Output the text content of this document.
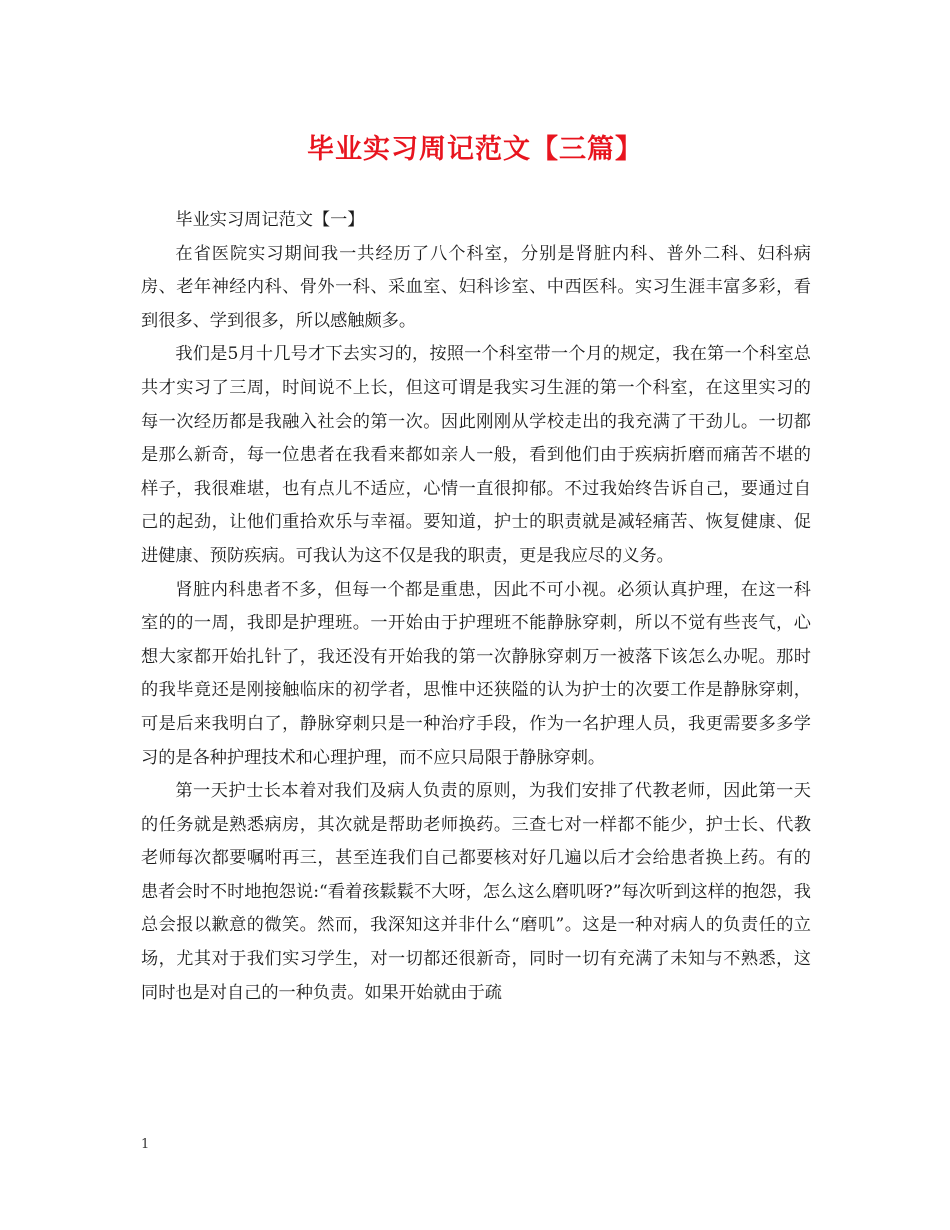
毕业实习周记范文【三篇】

毕业实习周记范文【一】

在省医院实习期间我一共经历了八个科室，分别是肾脏内科、普外二科、妇科病房、老年神经内科、骨外一科、采血室、妇科诊室、中西医科。实习生涯丰富多彩，看到很多、学到很多，所以感触颇多。

我们是5月十几号才下去实习的，按照一个科室带一个月的规定，我在第一个科室总共才实习了三周，时间说不上长，但这可谓是我实习生涯的第一个科室，在这里实习的每一次经历都是我融入社会的第一次。因此刚刚从学校走出的我充满了干劲儿。一切都是那么新奇，每一位患者在我看来都如亲人一般，看到他们由于疾病折磨而痛苦不堪的样子，我很难堪，也有点儿不适应，心情一直很抑郁。不过我始终告诉自己，要通过自己的起劲，让他们重拾欢乐与幸福。要知道，护士的职责就是减轻痛苦、恢复健康、促进健康、预防疾病。可我认为这不仅是我的职责，更是我应尽的义务。

肾脏内科患者不多，但每一个都是重患，因此不可小视。必须认真护理，在这一科室的的一周，我即是护理班。一开始由于护理班不能静脉穿刺，所以不觉有些丧气，心想大家都开始扎针了，我还没有开始我的第一次静脉穿刺万一被落下该怎么办呢。那时的我毕竟还是刚接触临床的初学者，思惟中还狭隘的认为护士的次要工作是静脉穿刺，可是后来我明白了，静脉穿刺只是一种治疗手段，作为一名护理人员，我更需要多多学习的是各种护理技术和心理护理，而不应只局限于静脉穿刺。

第一天护士长本着对我们及病人负责的原则，为我们安排了代教老师，因此第一天的任务就是熟悉病房，其次就是帮助老师换药。三查七对一样都不能少，护士长、代教老师每次都要嘱咐再三，甚至连我们自己都要核对好几遍以后才会给患者换上药。有的患者会时不时地抱怨说:“看着孩鬏鬏不大呀，怎么这么磨叽呀?”每次听到这样的抱怨，我总会报以歉意的微笑。然而，我深知这并非什么“磨叽”。这是一种对病人的负责任的立场，尤其对于我们实习学生，对一切都还很新奇，同时一切有充满了未知与不熟悉，这同时也是对自己的一种负责。如果开始就由于疏

1
